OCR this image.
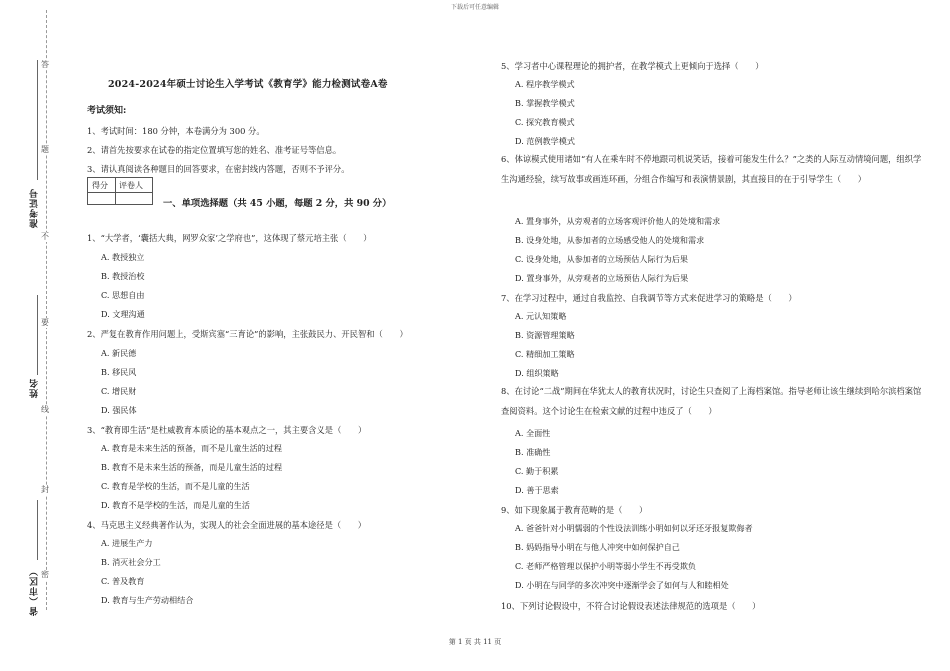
下载后可任意编辑
第 1 页 共 11 页
答
题
不
要
线
封
密
准考证号
姓名
省（市区）
2024-2024年硕士讨论生入学考试《教育学》能力检测试卷A卷
考试须知:
1、考试时间：180 分钟，本卷满分为 300 分。
2、请首先按要求在试卷的指定位置填写您的姓名、准考证号等信息。
3、请认真阅读各种题目的回答要求，在密封线内答题，否则不予评分。
得分 评卷人
一、单项选择题（共 45 小题，每题 2 分，共 90 分）
1、“大学者，‘囊括大典，网罗众家’之学府也”，这体现了蔡元培主张（　　）
A. 教授独立
B. 教授治校
C. 思想自由
D. 文理沟通
2、严复在教育作用问题上，受斯宾塞“三育论”的影响，主张鼓民力、开民智和（　　）
A. 新民德
B. 移民风
C. 增民财
D. 强民体
3、“教育即生活”是杜威教育本质论的基本观点之一，其主要含义是（　　）
A. 教育是未来生活的预备，而不是儿童生活的过程
B. 教育不是未来生活的预备，而是儿童生活的过程
C. 教育是学校的生活，而不是儿童的生活
D. 教育不是学校的生活，而是儿童的生活
4、马克思主义经典著作认为，实现人的社会全面进展的基本途径是（　　）
A. 进展生产力
B. 消灭社会分工
C. 普及教育
D. 教育与生产劳动相结合
5、学习者中心课程理论的拥护者，在教学模式上更倾向于选择（　　）
A. 程序教学模式
B. 掌握教学模式
C. 探究教育模式
D. 范例教学模式
6、体谅模式使用诸如“有人在乘车时不停地跟司机说笑话，接着可能发生什么？”之类的人际互动情境问题，组织学生沟通经验，续写故事或画连环画，分组合作编写和表演情景剧，其直接目的在于引导学生（　　）
A. 置身事外，从旁观者的立场客观评价他人的处境和需求
B. 设身处地，从参加者的立场感受他人的处境和需求
C. 设身处地，从参加者的立场预估人际行为后果
D. 置身事外，从旁观者的立场预估人际行为后果
7、在学习过程中，通过自我监控、自我调节等方式来促进学习的策略是（　　）
A. 元认知策略
B. 资源管理策略
C. 精细加工策略
D. 组织策略
8、在讨论“二战”期间在华犹太人的教育状况时，讨论生只查阅了上海档案馆。指导老师让该生继续到哈尔滨档案馆查阅资料。这个讨论生在检索文献的过程中违反了（　　）
A. 全面性
B. 准确性
C. 勤于积累
D. 善于思索
9、如下现象属于教育范畴的是（　　）
A. 爸爸针对小明懦弱的个性设法训练小明如何以牙还牙报复欺侮者
B. 妈妈指导小明在与他人冲突中如何保护自己
C. 老师严格管理以保护小明等弱小学生不再受欺负
D. 小明在与同学的多次冲突中逐渐学会了如何与人和睦相处
10、下列讨论假设中，不符合讨论假设表述法律规范的选项是（　　）
